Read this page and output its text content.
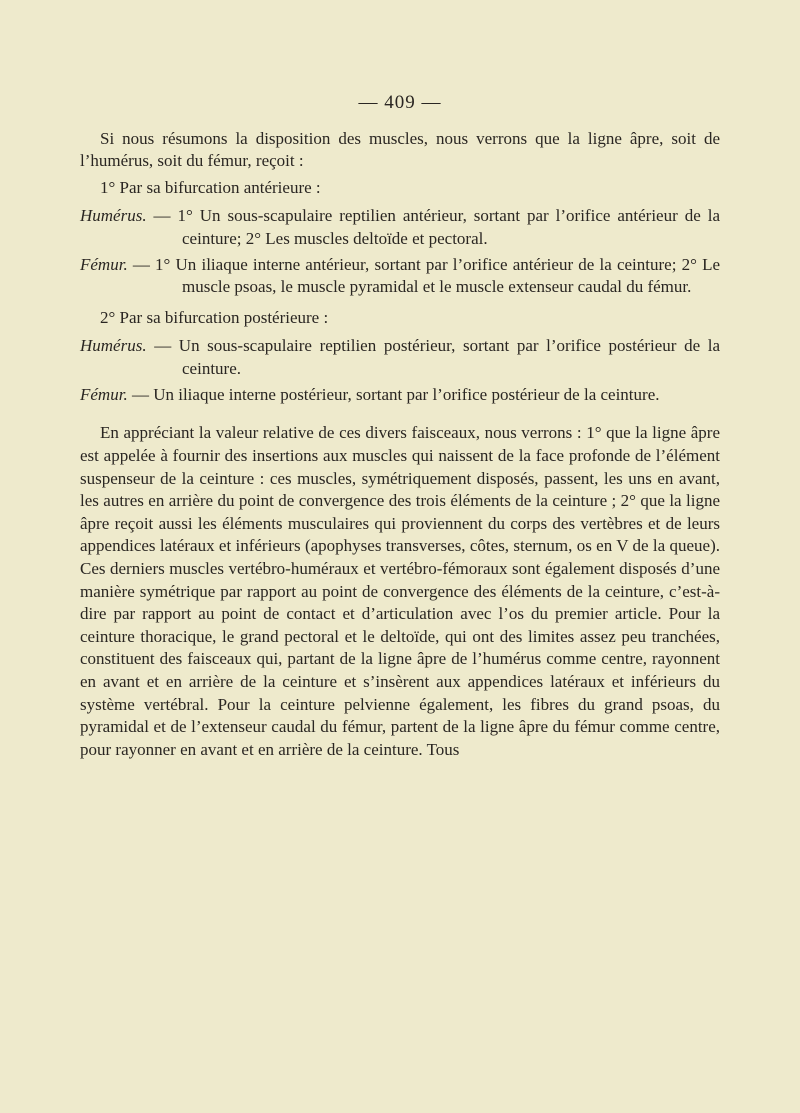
— 409 —

Si nous résumons la disposition des muscles, nous verrons que la ligne âpre, soit de l’humérus, soit du fémur, reçoit :

1° Par sa bifurcation antérieure :

Humérus. — 1° Un sous-scapulaire reptilien antérieur, sortant par l’orifice antérieur de la ceinture; 2° Les muscles deltoïde et pectoral.

Fémur. — 1° Un iliaque interne antérieur, sortant par l’orifice antérieur de la ceinture; 2° Le muscle psoas, le muscle pyramidal et le muscle extenseur caudal du fémur.

2° Par sa bifurcation postérieure :

Humérus. — Un sous-scapulaire reptilien postérieur, sortant par l’orifice postérieur de la ceinture.

Fémur. — Un iliaque interne postérieur, sortant par l’orifice postérieur de la ceinture.

En appréciant la valeur relative de ces divers faisceaux, nous verrons : 1° que la ligne âpre est appelée à fournir des insertions aux muscles qui naissent de la face profonde de l’élément suspenseur de la ceinture : ces muscles, symétriquement disposés, passent, les uns en avant, les autres en arrière du point de convergence des trois éléments de la ceinture ; 2° que la ligne âpre reçoit aussi les éléments musculaires qui proviennent du corps des vertèbres et de leurs appendices latéraux et inférieurs (apophyses transverses, côtes, sternum, os en V de la queue). Ces derniers muscles vertébro-huméraux et vertébro-fémoraux sont également disposés d’une manière symétrique par rapport au point de convergence des éléments de la ceinture, c’est-à-dire par rapport au point de contact et d’articulation avec l’os du premier article. Pour la ceinture thoracique, le grand pectoral et le deltoïde, qui ont des limites assez peu tranchées, constituent des faisceaux qui, partant de la ligne âpre de l’humérus comme centre, rayonnent en avant et en arrière de la ceinture et s’insèrent aux appendices latéraux et inférieurs du système vertébral. Pour la ceinture pelvienne également, les fibres du grand psoas, du pyramidal et de l’extenseur caudal du fémur, partent de la ligne âpre du fémur comme centre, pour rayonner en avant et en arrière de la ceinture. Tous
